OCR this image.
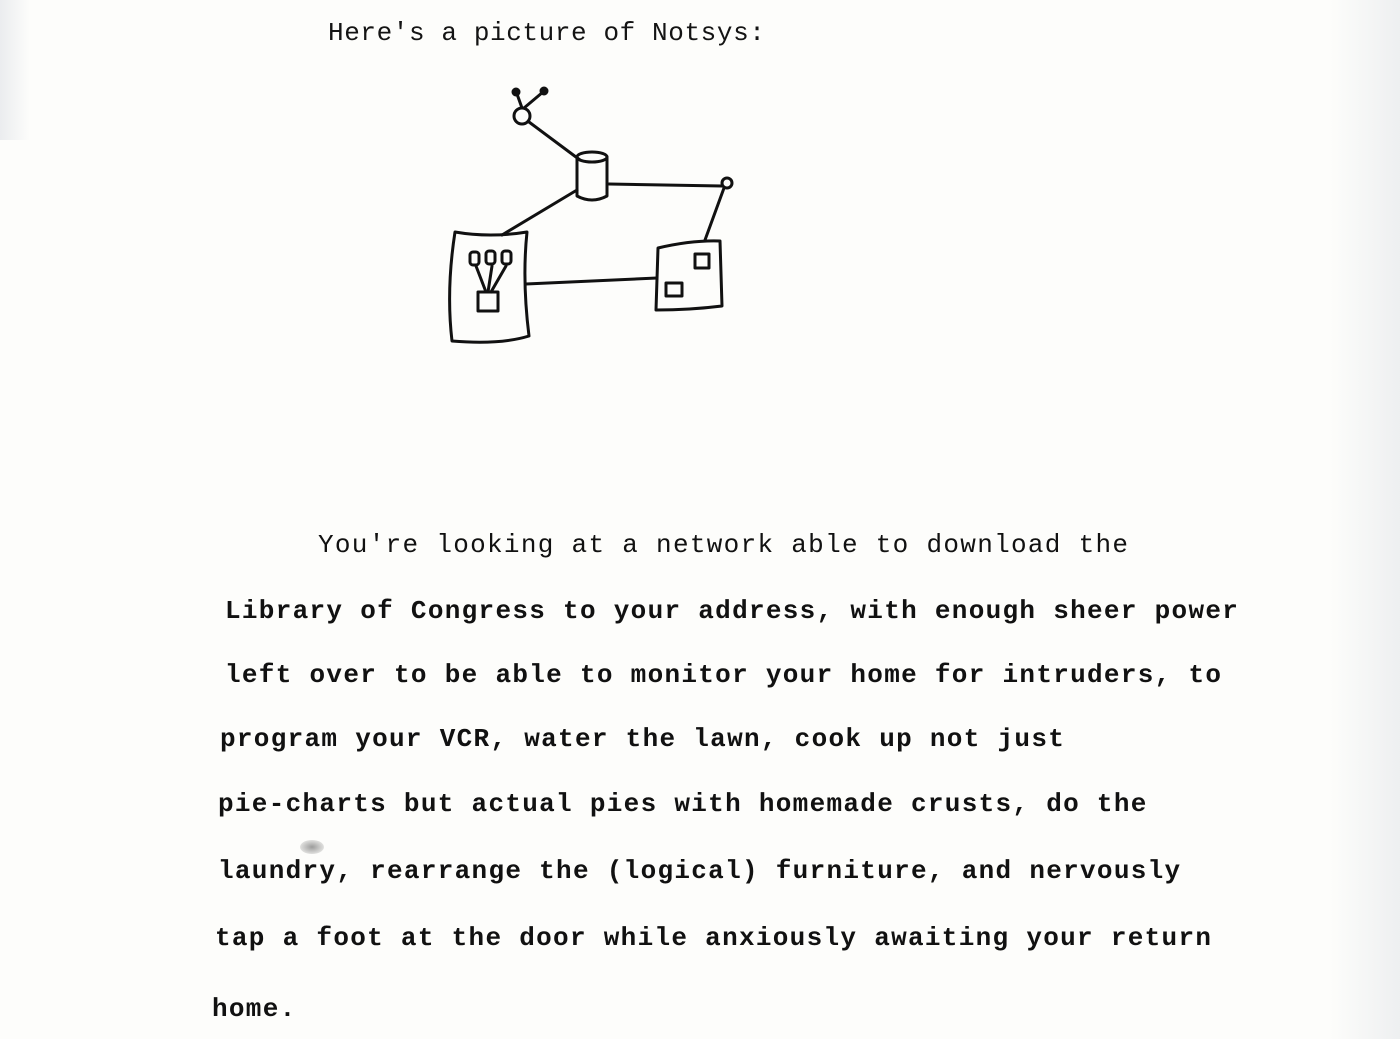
Here's a picture of Notsys:
You're looking at a network able to download the
Library of Congress to your address, with enough sheer power
left over to be able to monitor your home for intruders, to
program your VCR, water the lawn, cook up not just
pie-charts but actual pies with homemade crusts, do the
laundry, rearrange the (logical) furniture, and nervously
tap a foot at the door while anxiously awaiting your return
home.
